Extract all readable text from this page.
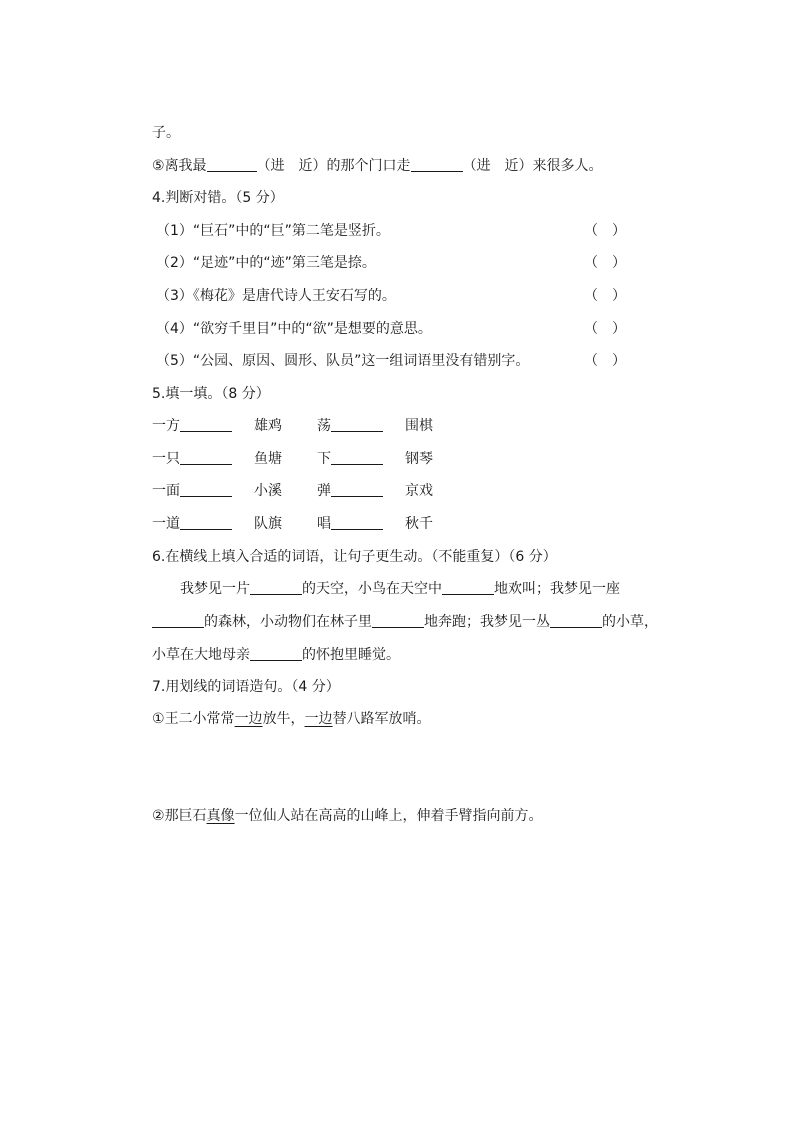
子。
⑤离我最	（进　近）的那个门口走	（进　近）来很多人。
4.判断对错。（5 分）
（1）“巨石”中的“巨”第二笔是竖折。	（　）
（2）“足迹”中的“迹”第三笔是捺。	（　）
（3）《梅花》是唐代诗人王安石写的。	（　）
（4）“欲穷千里目”中的“欲”是想要的意思。	（　）
（5）“公园、原因、圆形、队员”这一组词语里没有错别字。	（　）
5.填一填。（8 分）
一方	雄鸡	荡	围棋
一只	鱼塘	下	钢琴
一面	小溪	弹	京戏
一道	队旗	唱	秋千
6.在横线上填入合适的词语，让句子更生动。（不能重复）（6 分）
我梦见一片	的天空，小鸟在天空中	地欢叫；我梦见一座
的森林，小动物们在林子里	地奔跑；我梦见一丛	的小草，
小草在大地母亲	的怀抱里睡觉。
7.用划线的词语造句。（4 分）
①王二小常常一边放牛，一边替八路军放哨。
②那巨石真像一位仙人站在高高的山峰上，伸着手臂指向前方。
